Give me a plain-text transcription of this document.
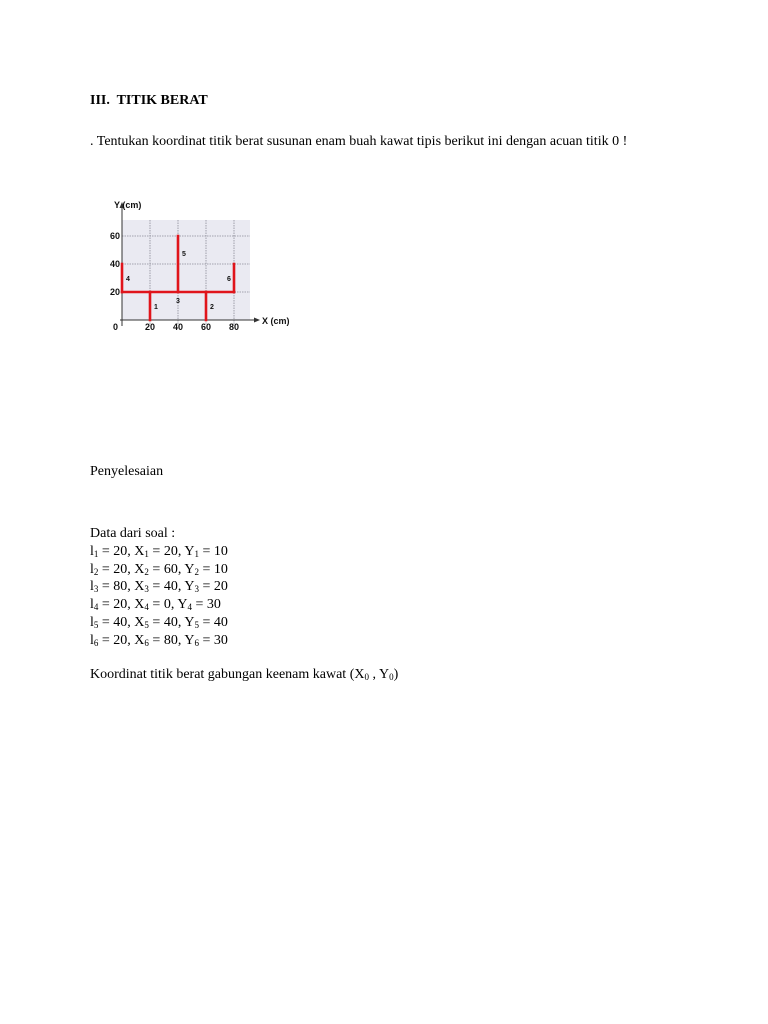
III.  TITIK BERAT
. Tentukan koordinat titik berat susunan enam buah kawat tipis berikut ini dengan acuan titik 0 !
Y (cm)
X (cm)
0	20 40 60 80
20
40
60
1	2
3
4
5
6
Penyelesaian
Data dari soal :
$l_1 = 20$, $X_1 = 20$, $Y_1 = 10$
$l_2 = 20$, $X_2 = 60$, $Y_2 = 10$
$l_3 = 80$, $X_3 = 40$, $Y_3 = 20$
$l_4 = 20$, $X_4 = 0$, $Y_4 = 30$
$l_5 = 40$, $X_5 = 40$, $Y_5 = 40$
$l_6 = 20$, $X_6 = 80$, $Y_6 = 30$
Koordinat titik berat gabungan keenam kawat ($X_0$ , $Y_0$)
